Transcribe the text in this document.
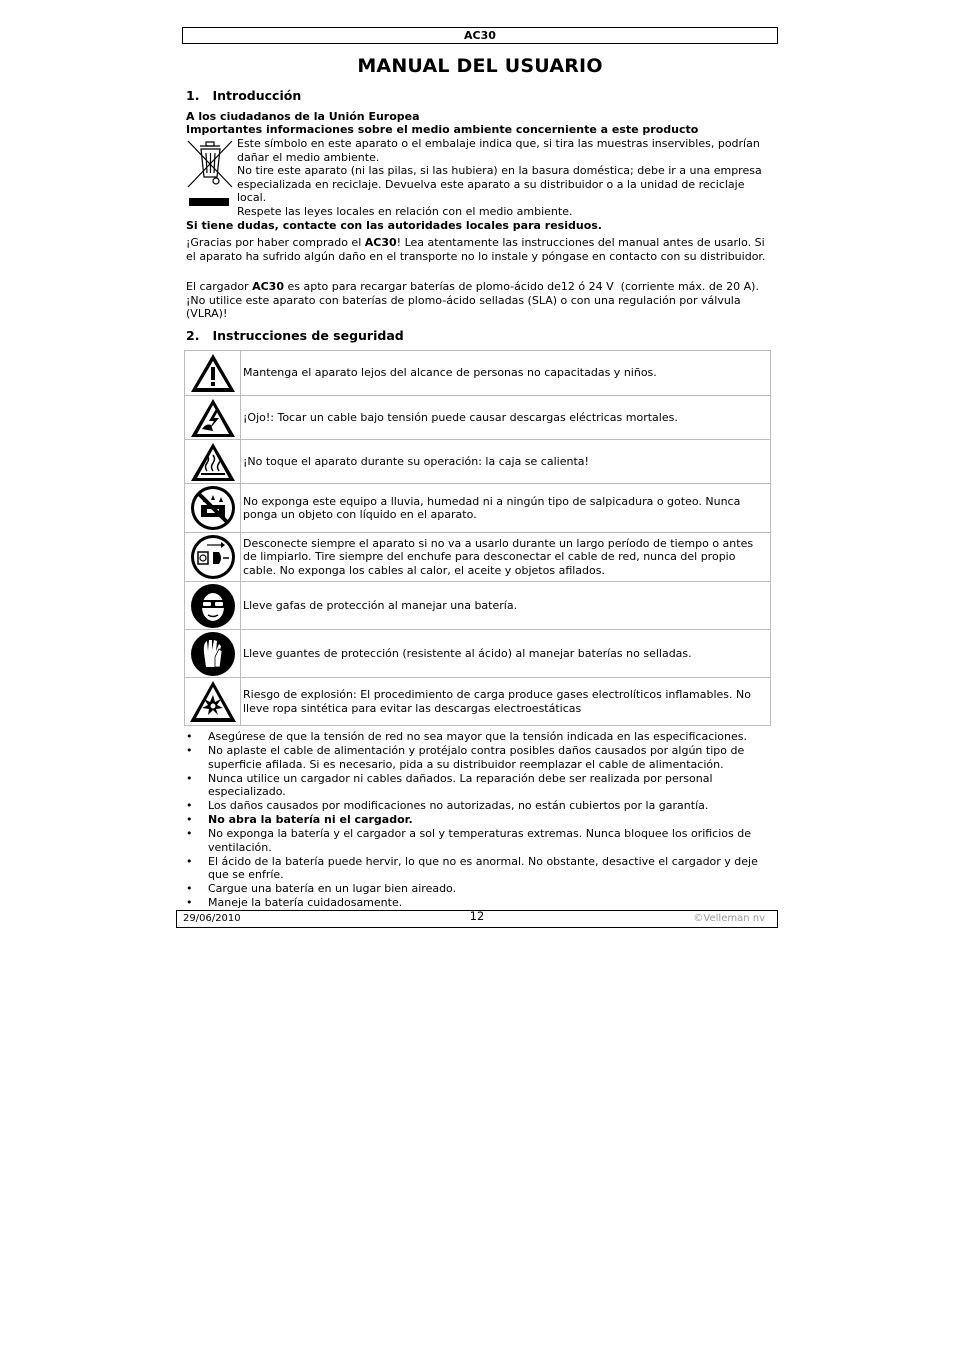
AC30
MANUAL DEL USUARIO
1.   Introducción
A los ciudadanos de la Unión Europea
Importantes informaciones sobre el medio ambiente concerniente a este producto

Este símbolo en este aparato o el embalaje indica que, si tira las muestras inservibles, podrían dañar el medio ambiente.

No tire este aparato (ni las pilas, si las hubiera) en la basura doméstica; debe ir a una empresa especializada en reciclaje. Devuelva este aparato a su distribuidor o a la unidad de reciclaje local.

Respete las leyes locales en relación con el medio ambiente.

Si tiene dudas, contacte con las autoridades locales para residuos.
¡Gracias por haber comprado el AC30! Lea atentamente las instrucciones del manual antes de usarlo. Si el aparato ha sufrido algún daño en el transporte no lo instale y póngase en contacto con su distribuidor.
El cargador AC30 es apto para recargar baterías de plomo-ácido de12 ó 24 V  (corriente máx. de 20 A). ¡No utilice este aparato con baterías de plomo-ácido selladas (SLA) o con una regulación por válvula (VLRA)!
2.   Instrucciones de seguridad
	Mantenga el aparato lejos del alcance de personas no capacitadas y niños.

	¡Ojo!: Tocar un cable bajo tensión puede causar descargas eléctricas mortales.

	¡No toque el aparato durante su operación: la caja se calienta!

	No exponga este equipo a lluvia, humedad ni a ningún tipo de salpicadura o goteo. Nunca ponga un objeto con líquido en el aparato.

	Desconecte siempre el aparato si no va a usarlo durante un largo período de tiempo o antes de limpiarlo. Tire siempre del enchufe para desconectar el cable de red, nunca del propio cable. No exponga los cables al calor, el aceite y objetos afilados.

	Lleve gafas de protección al manejar una batería.

	Lleve guantes de protección (resistente al ácido) al manejar baterías no selladas.

	Riesgo de explosión: El procedimiento de carga produce gases electrolíticos inflamables. No lleve ropa sintética para evitar las descargas electroestáticas
• Asegúrese de que la tensión de red no sea mayor que la tensión indicada en las especificaciones.
• No aplaste el cable de alimentación y protéjalo contra posibles daños causados por algún tipo de superficie afilada. Si es necesario, pida a su distribuidor reemplazar el cable de alimentación.
• Nunca utilice un cargador ni cables dañados. La reparación debe ser realizada por personal especializado.
• Los daños causados por modificaciones no autorizadas, no están cubiertos por la garantía.
• No abra la batería ni el cargador.
• No exponga la batería y el cargador a sol y temperaturas extremas. Nunca bloquee los orificios de ventilación.
• El ácido de la batería puede hervir, lo que no es anormal. No obstante, desactive el cargador y deje que se enfríe.
• Cargue una batería en un lugar bien aireado.
• Maneje la batería cuidadosamente.
29/06/2010	12	©Velleman nv
